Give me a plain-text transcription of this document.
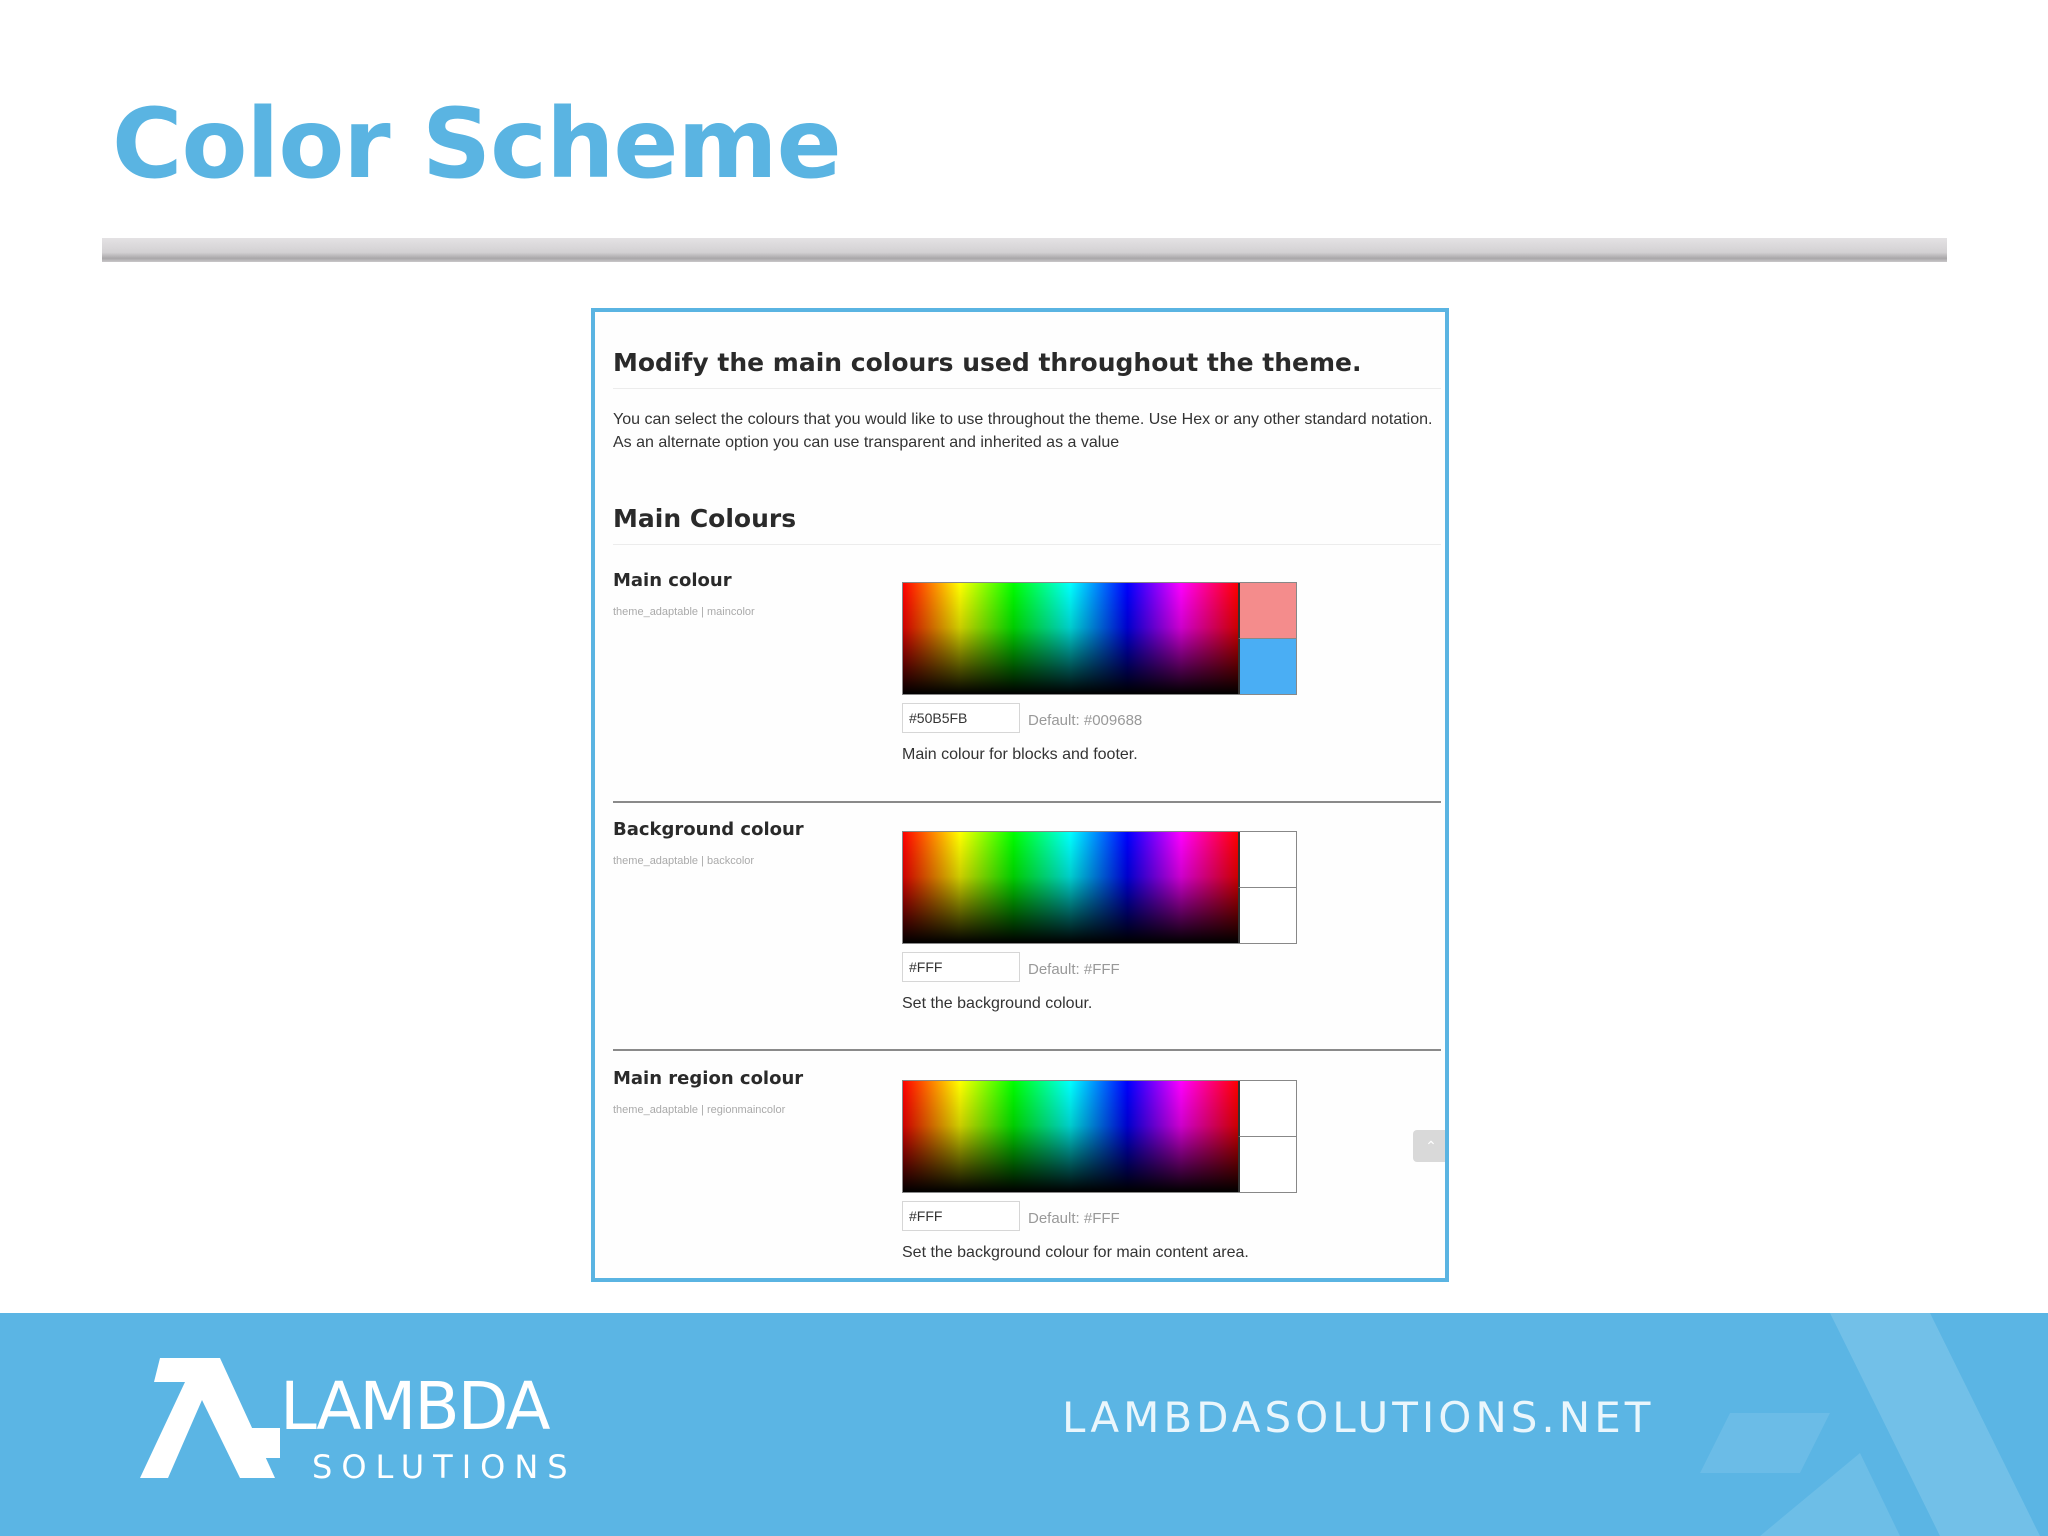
Color Scheme
Modify the main colours used throughout the theme.
You can select the colours that you would like to use throughout the theme. Use Hex or any other standard notation. As an alternate option you can use transparent and inherited as a value
Main Colours
Main colour
theme_adaptable | maincolor
#50B5FB
Default: #009688
Main colour for blocks and footer.
Background colour
theme_adaptable | backcolor
#FFF
Default: #FFF
Set the background colour.
Main region colour
theme_adaptable | regionmaincolor
#FFF
Default: #FFF
Set the background colour for main content area.
⌃
LAMBDA
SOLUTIONS
LAMBDASOLUTIONS.NET
